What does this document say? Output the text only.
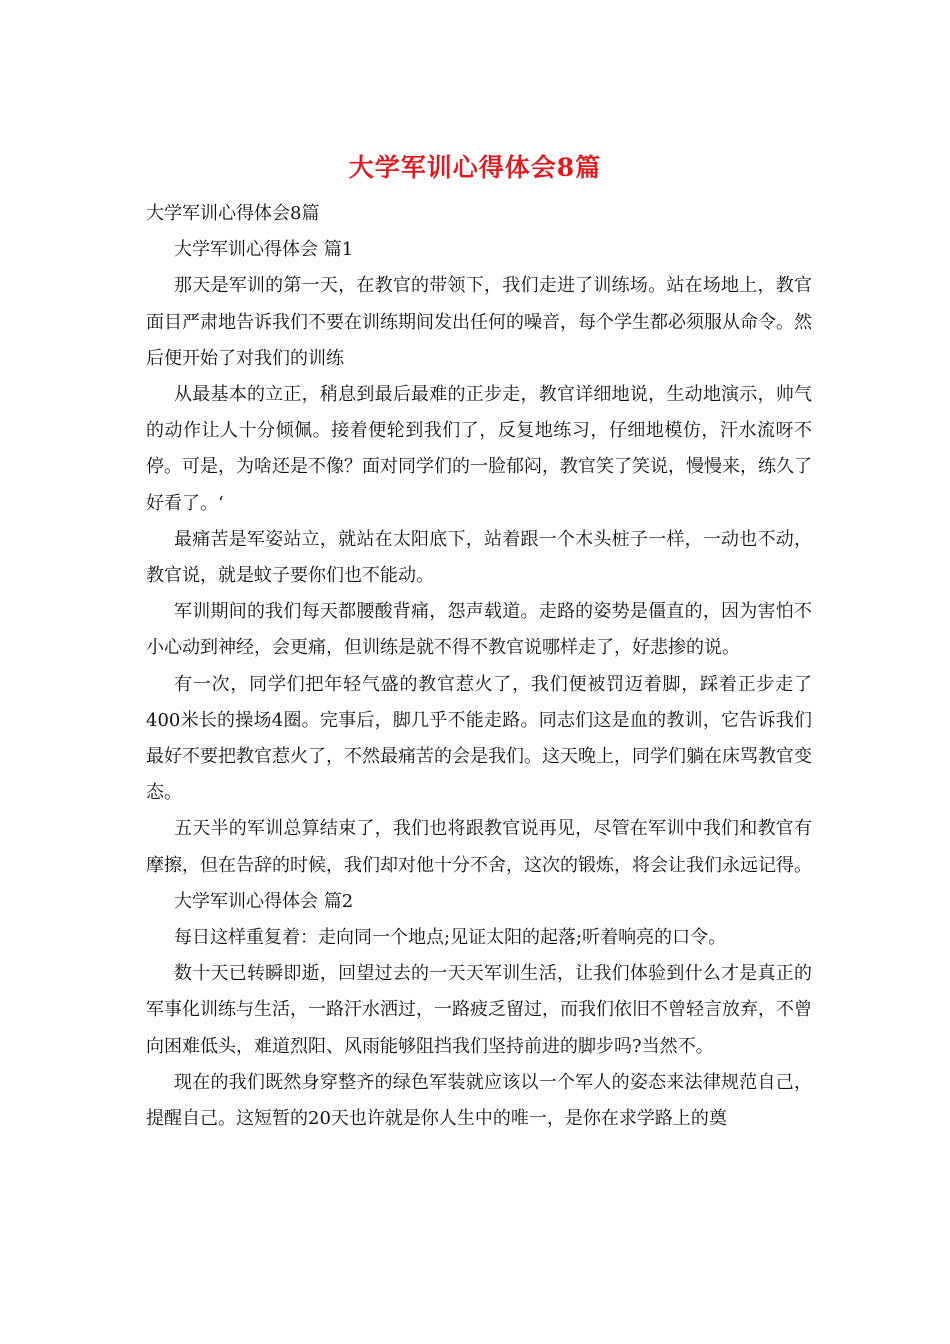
大学军训心得体会8篇
大学军训心得体会8篇
大学军训心得体会 篇1

那天是军训的第一天，在教官的带领下，我们走进了训练场。站在场地上，教官面目严肃地告诉我们不要在训练期间发出任何的噪音，每个学生都必须服从命令。然后便开始了对我们的训练

从最基本的立正，稍息到最后最难的正步走，教官详细地说，生动地演示，帅气的动作让人十分倾佩。接着便轮到我们了，反复地练习，仔细地模仿，汗水流呀不停。可是，为啥还是不像？面对同学们的一脸郁闷，教官笑了笑说，慢慢来，练久了好看了。‘

最痛苦是军姿站立，就站在太阳底下，站着跟一个木头桩子一样，一动也不动，教官说，就是蚊子要你们也不能动。

军训期间的我们每天都腰酸背痛，怨声载道。走路的姿势是僵直的，因为害怕不小心动到神经，会更痛，但训练是就不得不教官说哪样走了，好悲掺的说。

有一次，同学们把年轻气盛的教官惹火了，我们便被罚迈着脚，踩着正步走了400米长的操场4圈。完事后，脚几乎不能走路。同志们这是血的教训，它告诉我们最好不要把教官惹火了，不然最痛苦的会是我们。这天晚上，同学们躺在床骂教官变态。

五天半的军训总算结束了，我们也将跟教官说再见，尽管在军训中我们和教官有摩擦，但在告辞的时候，我们却对他十分不舍，这次的锻炼，将会让我们永远记得。

大学军训心得体会 篇2

每日这样重复着：走向同一个地点;见证太阳的起落;听着响亮的口令。

数十天已转瞬即逝，回望过去的一天天军训生活，让我们体验到什么才是真正的军事化训练与生活，一路汗水洒过，一路疲乏留过，而我们依旧不曾轻言放弃，不曾向困难低头，难道烈阳、风雨能够阻挡我们坚持前进的脚步吗?当然不。

现在的我们既然身穿整齐的绿色军装就应该以一个军人的姿态来法律规范自己，提醒自己。这短暂的20天也许就是你人生中的唯一，是你在求学路上的奠
